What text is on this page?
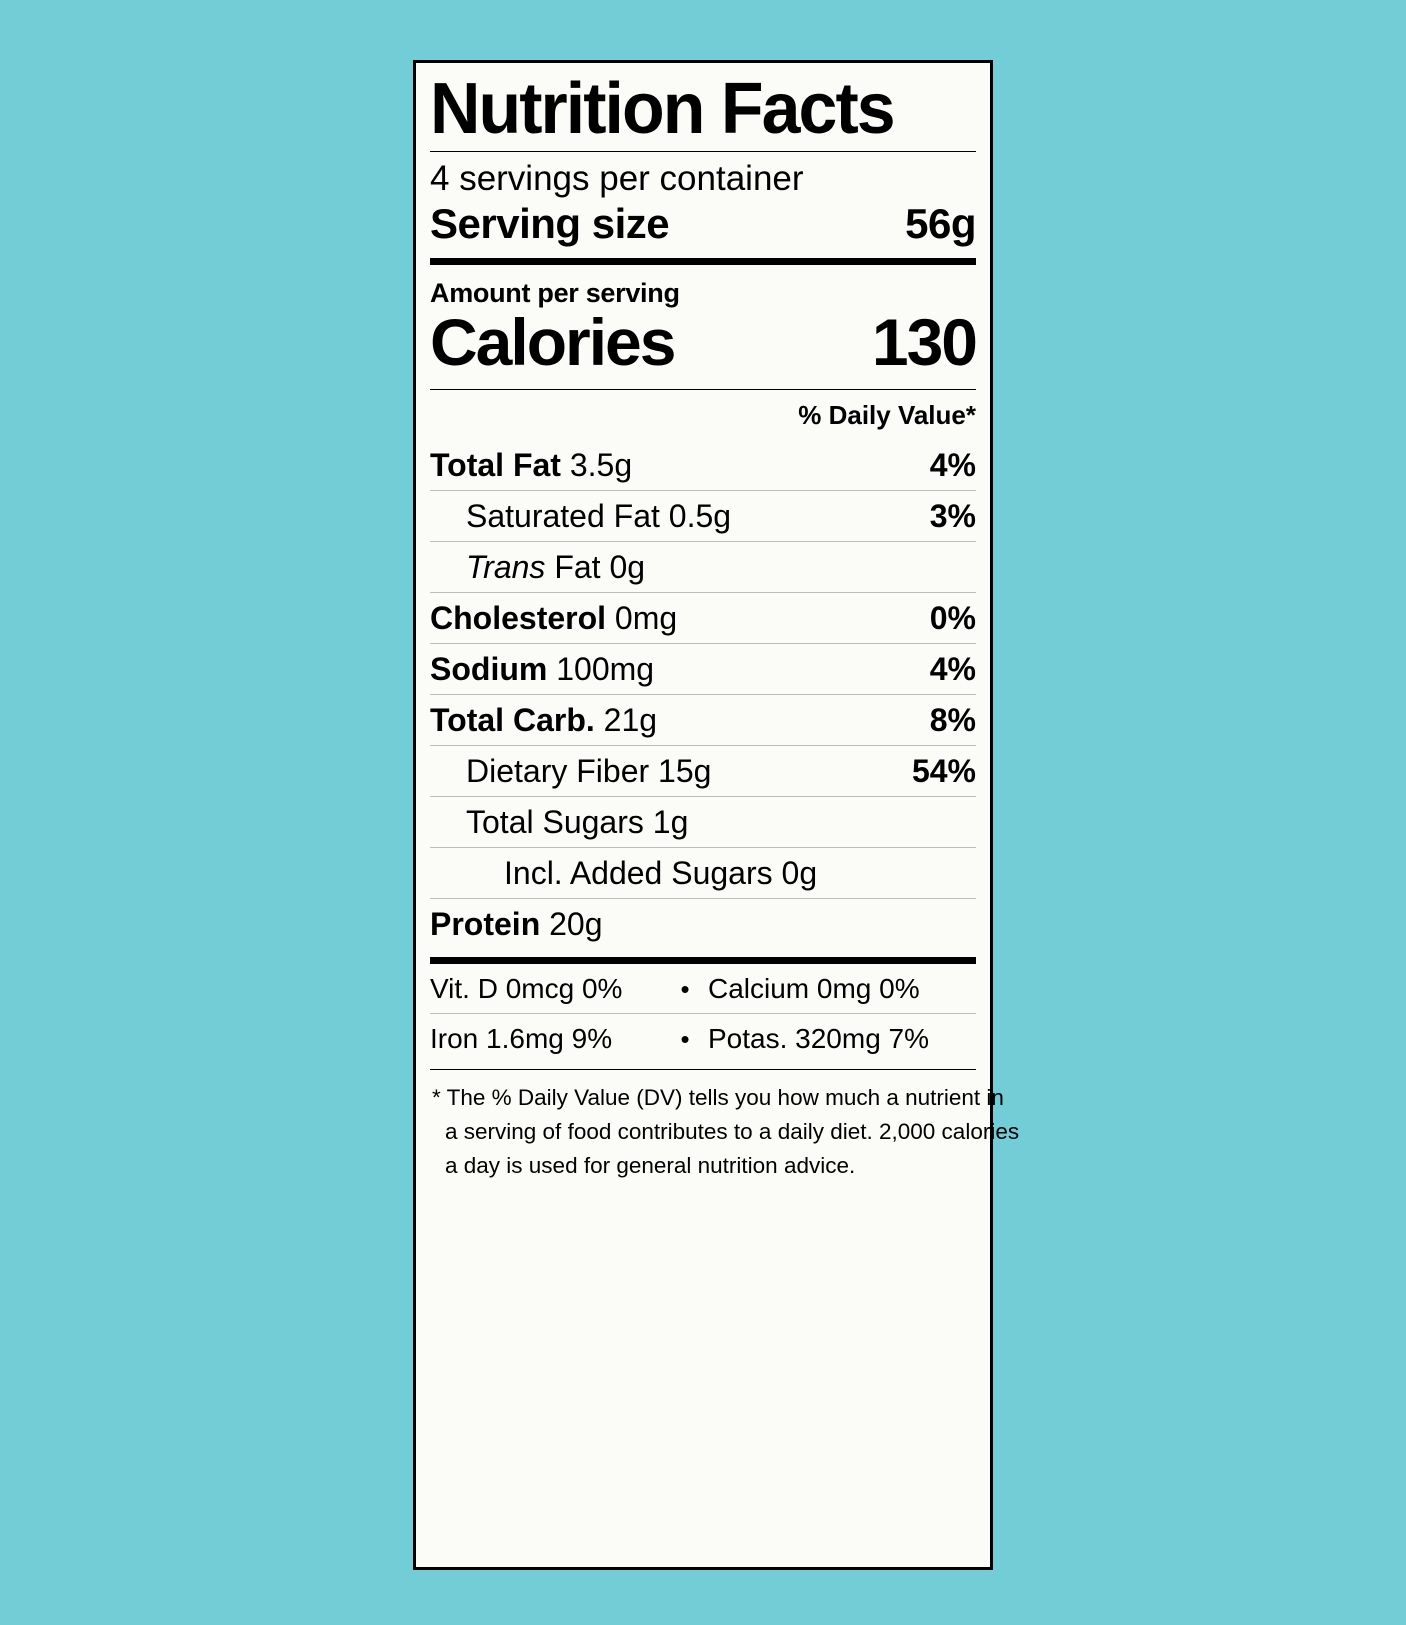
Nutrition Facts
4 servings per container
Serving size	56g
Amount per serving
Calories	130
% Daily Value*
Total Fat 3.5g	4%
Saturated Fat 0.5g	3%
Trans Fat 0g
Cholesterol 0mg	0%
Sodium 100mg	4%
Total Carb. 21g	8%
Dietary Fiber 15g	54%
Total Sugars 1g
Incl. Added Sugars 0g
Protein 20g
Vit. D 0mcg 0%	• Calcium 0mg 0%
Iron 1.6mg 9%	• Potas. 320mg 7%
* The % Daily Value (DV) tells you how much a nutrient in
a serving of food contributes to a daily diet. 2,000 calories
a day is used for general nutrition advice.
